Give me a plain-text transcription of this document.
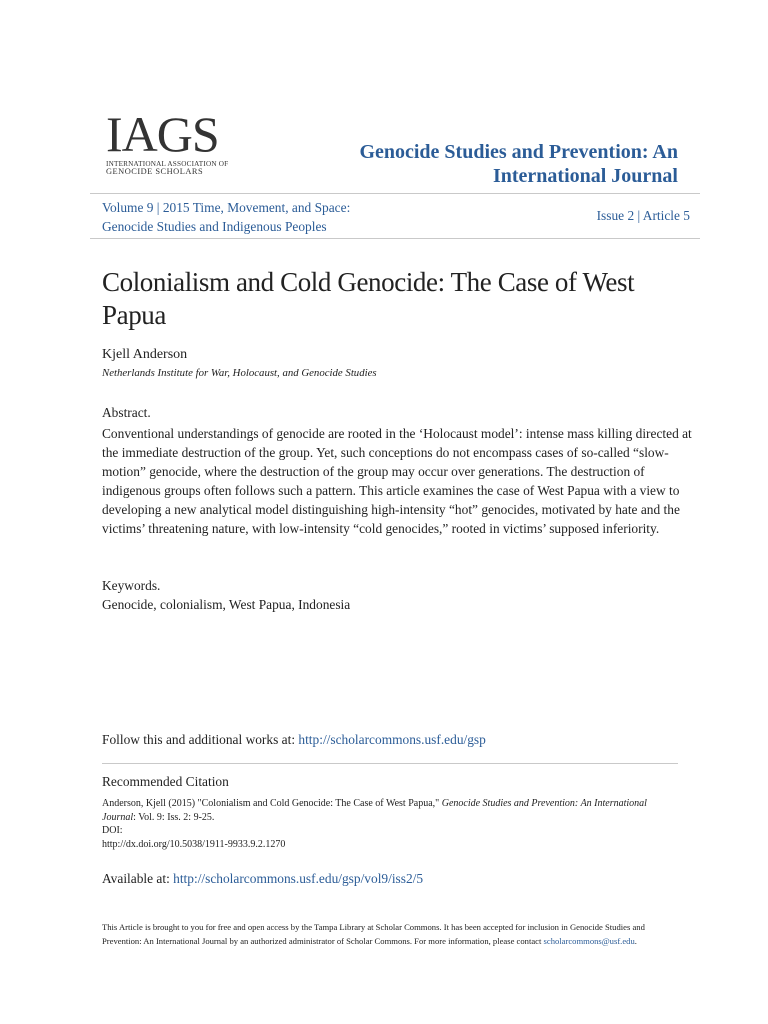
IAGS
INTERNATIONAL ASSOCIATION OF
GENOCIDE SCHOLARS
Genocide Studies and Prevention: An
International Journal
Volume 9 | 2015 Time, Movement, and Space:
Genocide Studies and Indigenous Peoples
Issue 2 | Article 5
Colonialism and Cold Genocide: The Case of West Papua
Kjell Anderson
Netherlands Institute for War, Holocaust, and Genocide Studies
Abstract.
Conventional understandings of genocide are rooted in the ‘Holocaust model’: intense mass killing directed at the immediate destruction of the group. Yet, such conceptions do not encompass cases of so-called “slow-motion” genocide, where the destruction of the group may occur over generations. The destruction of indigenous groups often follows such a pattern. This article examines the case of West Papua with a view to developing a new analytical model distinguishing high-intensity “hot” genocides, motivated by hate and the victims’ threatening nature, with low-intensity “cold genocides,” rooted in victims’ supposed inferiority.
Keywords.
Genocide, colonialism, West Papua, Indonesia
Follow this and additional works at: http://scholarcommons.usf.edu/gsp
Recommended Citation
Anderson, Kjell (2015) "Colonialism and Cold Genocide: The Case of West Papua," Genocide Studies and Prevention: An International Journal: Vol. 9: Iss. 2: 9-25.
DOI:
http://dx.doi.org/10.5038/1911-9933.9.2.1270
Available at: http://scholarcommons.usf.edu/gsp/vol9/iss2/5
This Article is brought to you for free and open access by the Tampa Library at Scholar Commons. It has been accepted for inclusion in Genocide Studies and Prevention: An International Journal by an authorized administrator of Scholar Commons. For more information, please contact scholarcommons@usf.edu.
